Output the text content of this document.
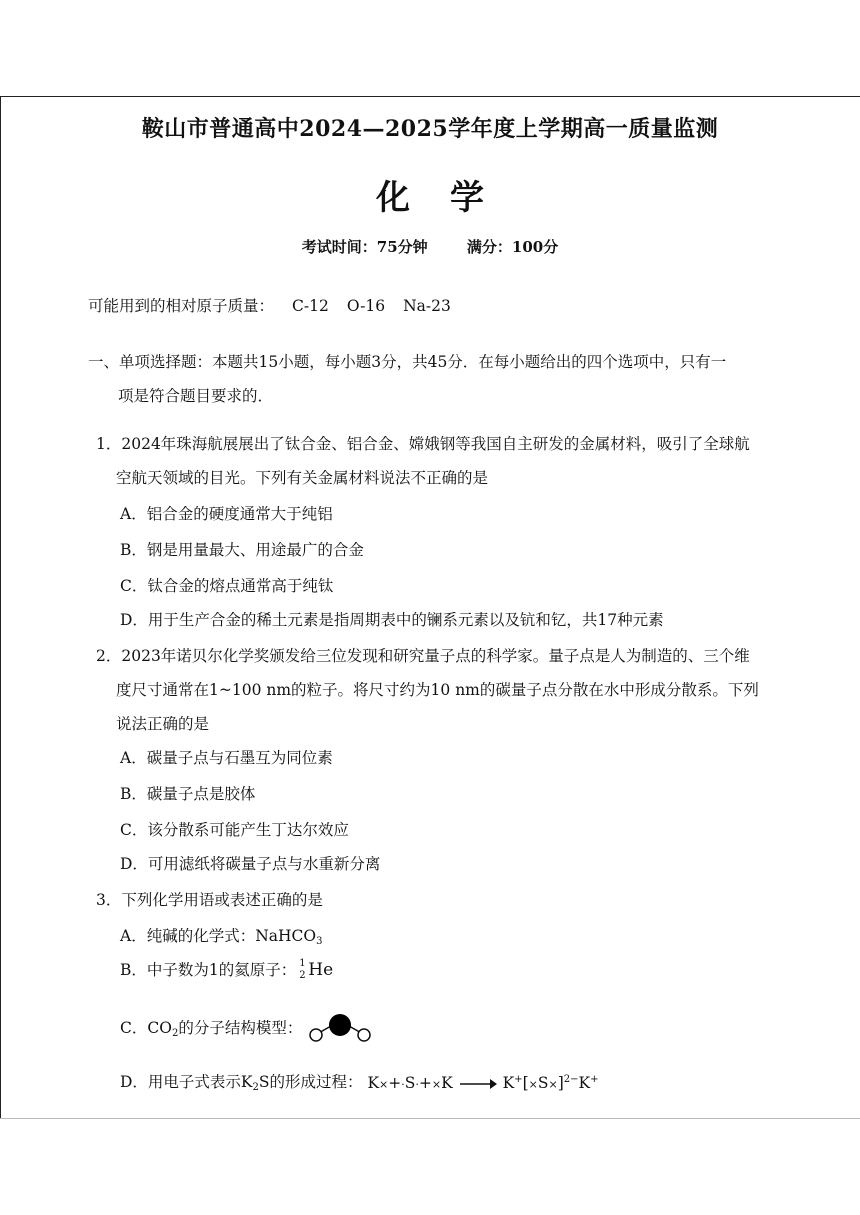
鞍山市普通高中2024—2025学年度上学期高一质量监测
化学
考试时间：75分钟	满分：100分
可能用到的相对原子质量： C-12 O-16 Na-23
一、单项选择题：本题共15小题，每小题3分，共45分．在每小题给出的四个选项中，只有一
项是符合题目要求的．
1．2024年珠海航展展出了钛合金、铝合金、嫦娥钢等我国自主研发的金属材料，吸引了全球航
空航天领域的目光。下列有关金属材料说法不正确的是
A．铝合金的硬度通常大于纯铝
B．钢是用量最大、用途最广的合金
C．钛合金的熔点通常高于纯钛
D．用于生产合金的稀土元素是指周期表中的镧系元素以及钪和钇，共17种元素
2．2023年诺贝尔化学奖颁发给三位发现和研究量子点的科学家。量子点是人为制造的、三个维
度尺寸通常在1~100 nm的粒子。将尺寸约为10 nm的碳量子点分散在水中形成分散系。下列
说法正确的是
A．碳量子点与石墨互为同位素
B．碳量子点是胶体
C．该分散系可能产生丁达尔效应
D．可用滤纸将碳量子点与水重新分离
3．下列化学用语或表述正确的是
A．纯碱的化学式：NaHCO$_3$
B．中子数为1的氦原子： 1
2 He
C．$CO_2$的分子结构模型：
D．用电子式表示$K_2S$的形成过程： $K\times+\cdot S\cdot+\times K \to K^+[\times S\times]^{2-}K^+$
